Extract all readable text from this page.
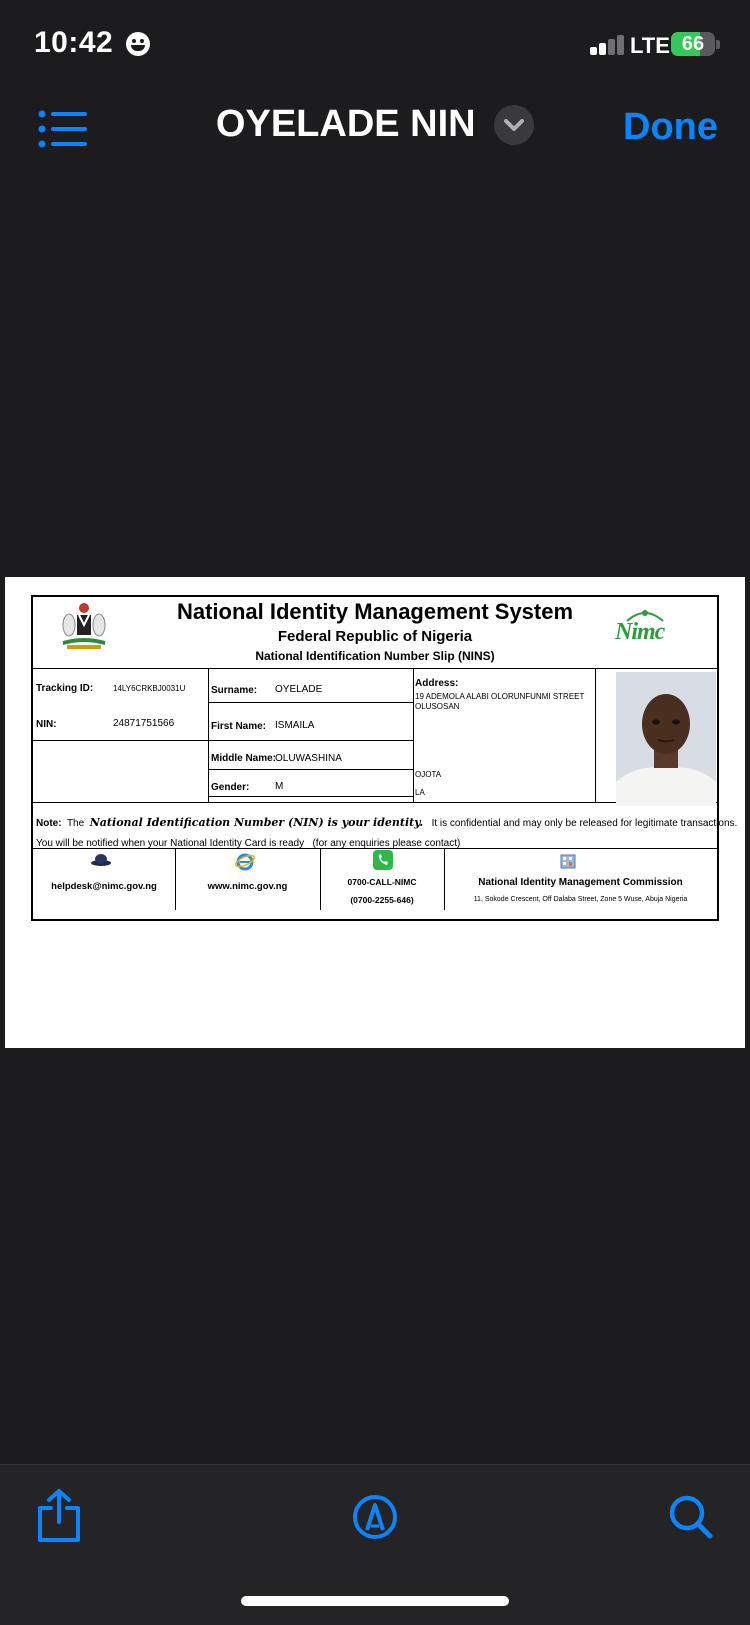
10:42	LTE 66
OYELADE NIN	Done
National Identity Management System
Federal Republic of Nigeria
National Identification Number Slip (NINS)
Nimc
Tracking ID: 14LY6CRKBJ0031U
NIN:	24871751566
Surname: OYELADE
First Name: ISMAILA
Middle Name:
OLUWASHINA
Gender:	M
Address:
19 ADEMOLA ALABI OLORUNFUNMI STREET
OLUSOSAN
OJOTA
LA
Note: The National Identification Number (NIN) is your identity. It is confidential and may only be released for legitimate transactions.
You will be notified when your National Identity Card is ready (for any enquiries please contact)
helpdesk@nimc.gov.ng	www.nimc.gov.ng	0700-CALL-NIMC
(0700-2255-646)
National Identity Management Commission
11, Sokode Crescent, Off Dalaba Street, Zone 5 Wuse, Abuja Nigeria
